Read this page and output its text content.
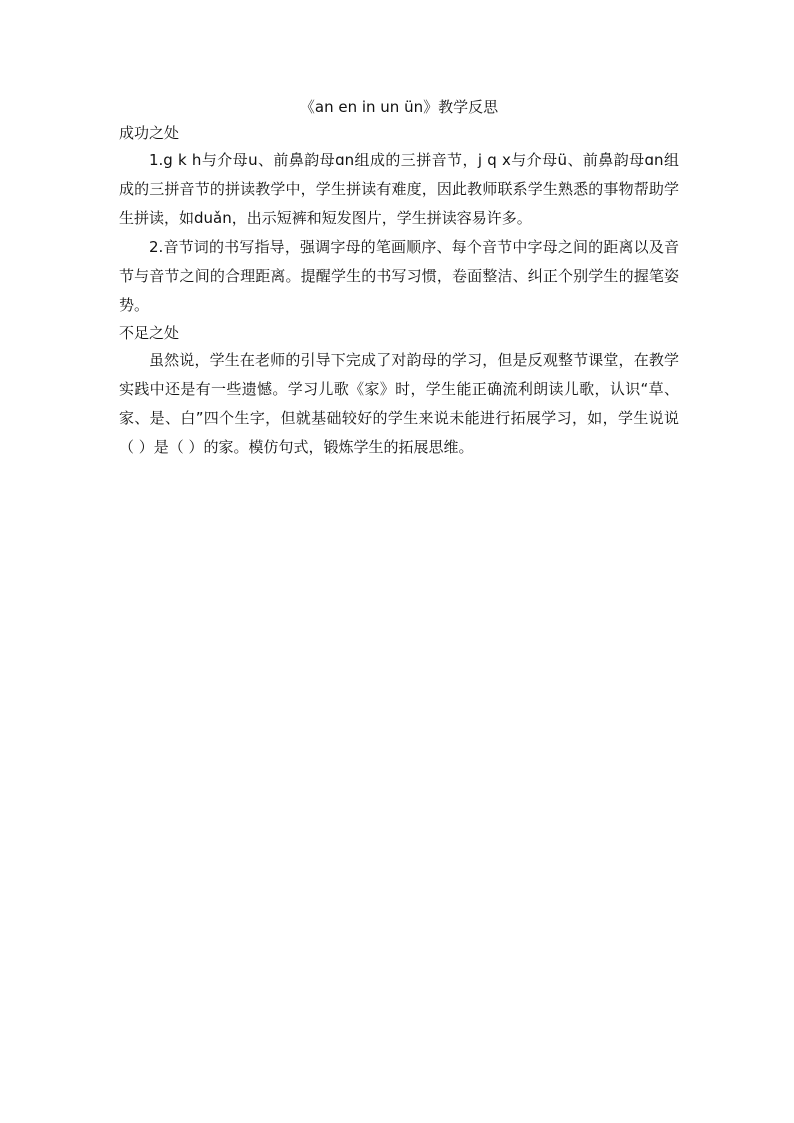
《an en in un ün》教学反思
成功之处

1.g k h与介母u、前鼻韵母ɑn组成的三拼音节，j q x与介母ü、前鼻韵母ɑn组成的三拼音节的拼读教学中，学生拼读有难度，因此教师联系学生熟悉的事物帮助学生拼读，如duǎn，出示短裤和短发图片，学生拼读容易许多。

2.音节词的书写指导，强调字母的笔画顺序、每个音节中字母之间的距离以及音节与音节之间的合理距离。提醒学生的书写习惯，卷面整洁、纠正个别学生的握笔姿势。

不足之处

虽然说，学生在老师的引导下完成了对韵母的学习，但是反观整节课堂，在教学实践中还是有一些遗憾。学习儿歌《家》时，学生能正确流利朗读儿歌，认识“草、家、是、白”四个生字，但就基础较好的学生来说未能进行拓展学习，如，学生说说（ ）是（ ）的家。模仿句式，锻炼学生的拓展思维。
